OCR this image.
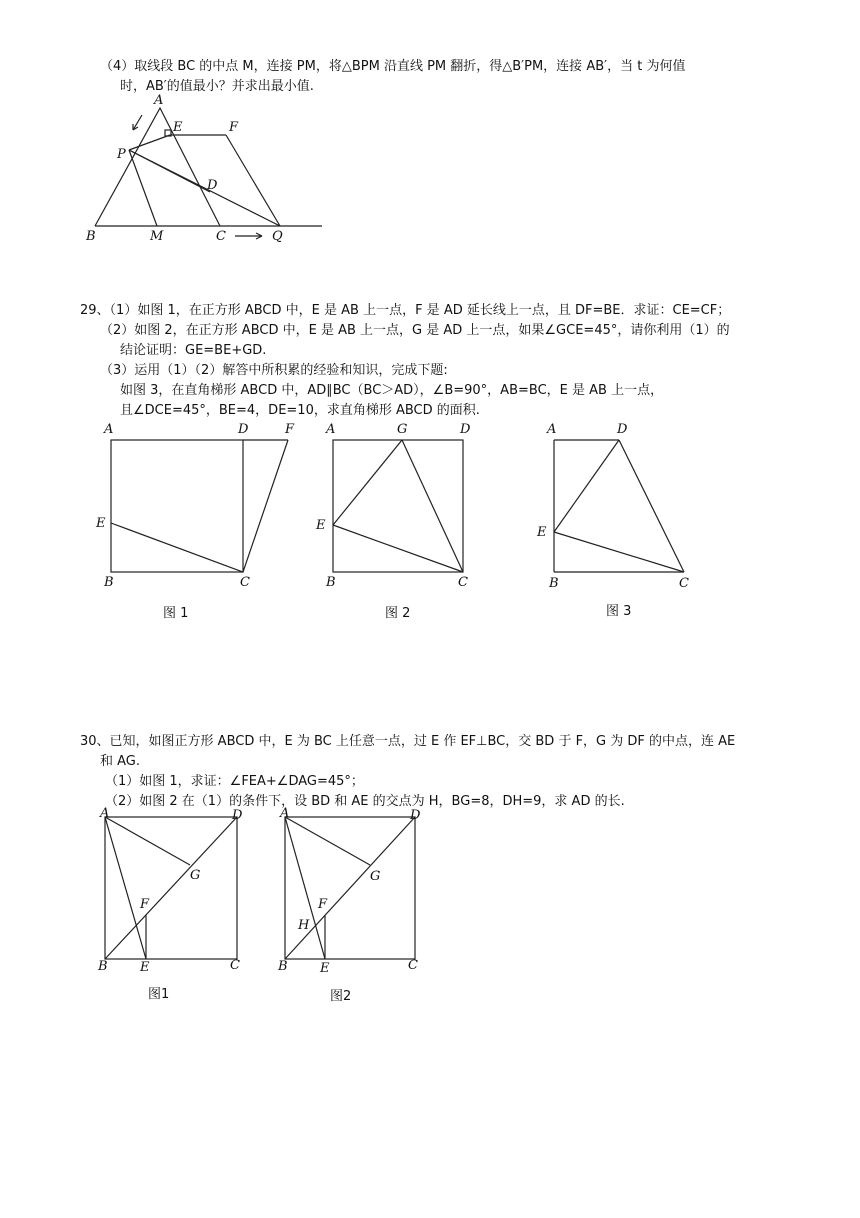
（4）取线段 BC 的中点 M，连接 PM，将△BPM 沿直线 PM 翻折，得△B′PM，连接 AB′，当 t 为何值
时，AB′的值最小？并求出最小值.
A
E	F
P
D
B	M	C	Q
29、（1）如图 1，在正方形 ABCD 中，E 是 AB 上一点，F 是 AD 延长线上一点，且 DF=BE．求证：CE=CF；
（2）如图 2，在正方形 ABCD 中，E 是 AB 上一点，G 是 AD 上一点，如果∠GCE=45°，请你利用（1）的
结论证明：GE=BE+GD.
（3）运用（1）（2）解答中所积累的经验和知识，完成下题:
如图 3，在直角梯形 ABCD 中，AD∥BC（BC＞AD），∠B=90°，AB=BC，E 是 AB 上一点，
且∠DCE=45°，BE=4，DE=10，求直角梯形 ABCD 的面积.
A	D	F
E
B	C
图 1
A	G	D
E
B	C
图 2
A	D
E
B	C
图 3
30、已知，如图正方形 ABCD 中，E 为 BC 上任意一点，过 E 作 EF⊥BC，交 BD 于 F，G 为 DF 的中点，连 AE
和 AG.
（1）如图 1，求证：∠FEA+∠DAG=45°；
（2）如图 2 在（1）的条件下，设 BD 和 AE 的交点为 H，BG=8，DH=9，求 AD 的长.
A	D
G
F
B E	C
图1
A	D
G
F
H
B E	C
图2
